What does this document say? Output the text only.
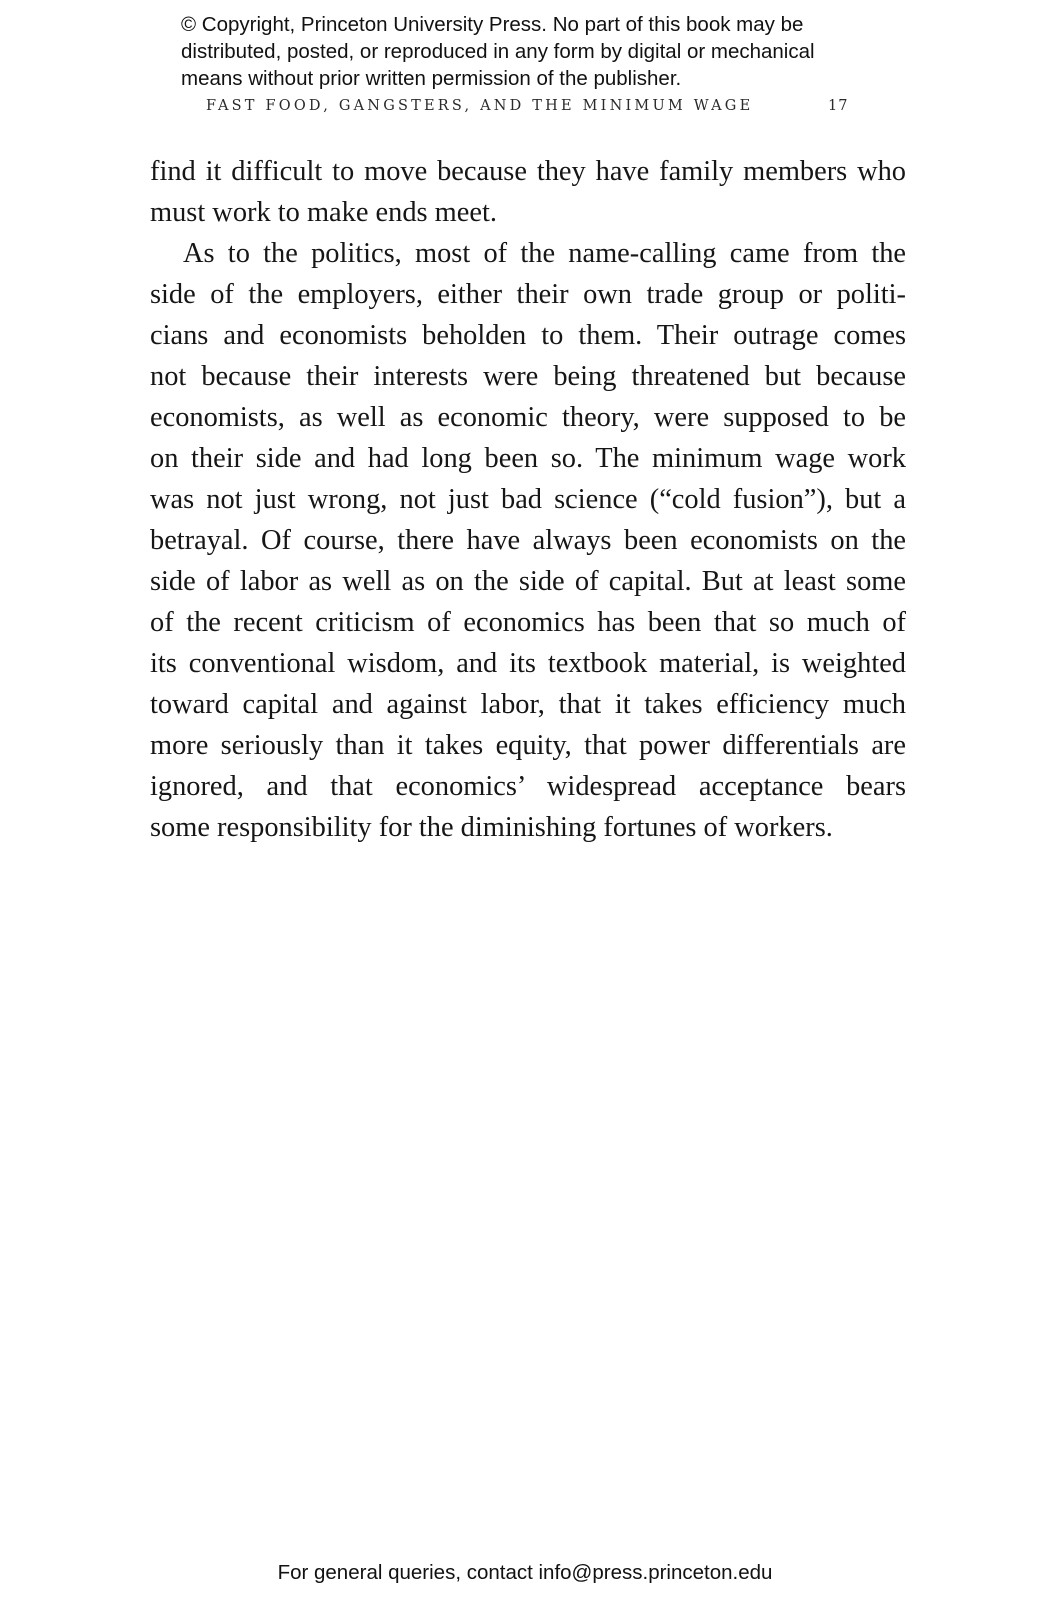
© Copyright, Princeton University Press. No part of this book may be
distributed, posted, or reproduced in any form by digital or mechanical
means without prior written permission of the publisher.
FAST FOOD, GANGSTERS, AND THE MINIMUM WAGE	17
find it difficult to move because they have family members who
must work to make ends meet.
As to the politics, most of the name-calling came from the
side of the employers, either their own trade group or politi-
cians and economists beholden to them. Their outrage comes
not because their interests were being threatened but because
economists, as well as economic theory, were supposed to be
on their side and had long been so. The minimum wage work
was not just wrong, not just bad science (“cold fusion”), but a
betrayal. Of course, there have always been economists on the
side of labor as well as on the side of capital. But at least some
of the recent criticism of economics has been that so much of
its conventional wisdom, and its textbook material, is weighted
toward capital and against labor, that it takes efficiency much
more seriously than it takes equity, that power differentials are
ignored, and that economics’ widespread acceptance bears
some responsibility for the diminishing fortunes of workers.
For general queries, contact info@press.princeton.edu
